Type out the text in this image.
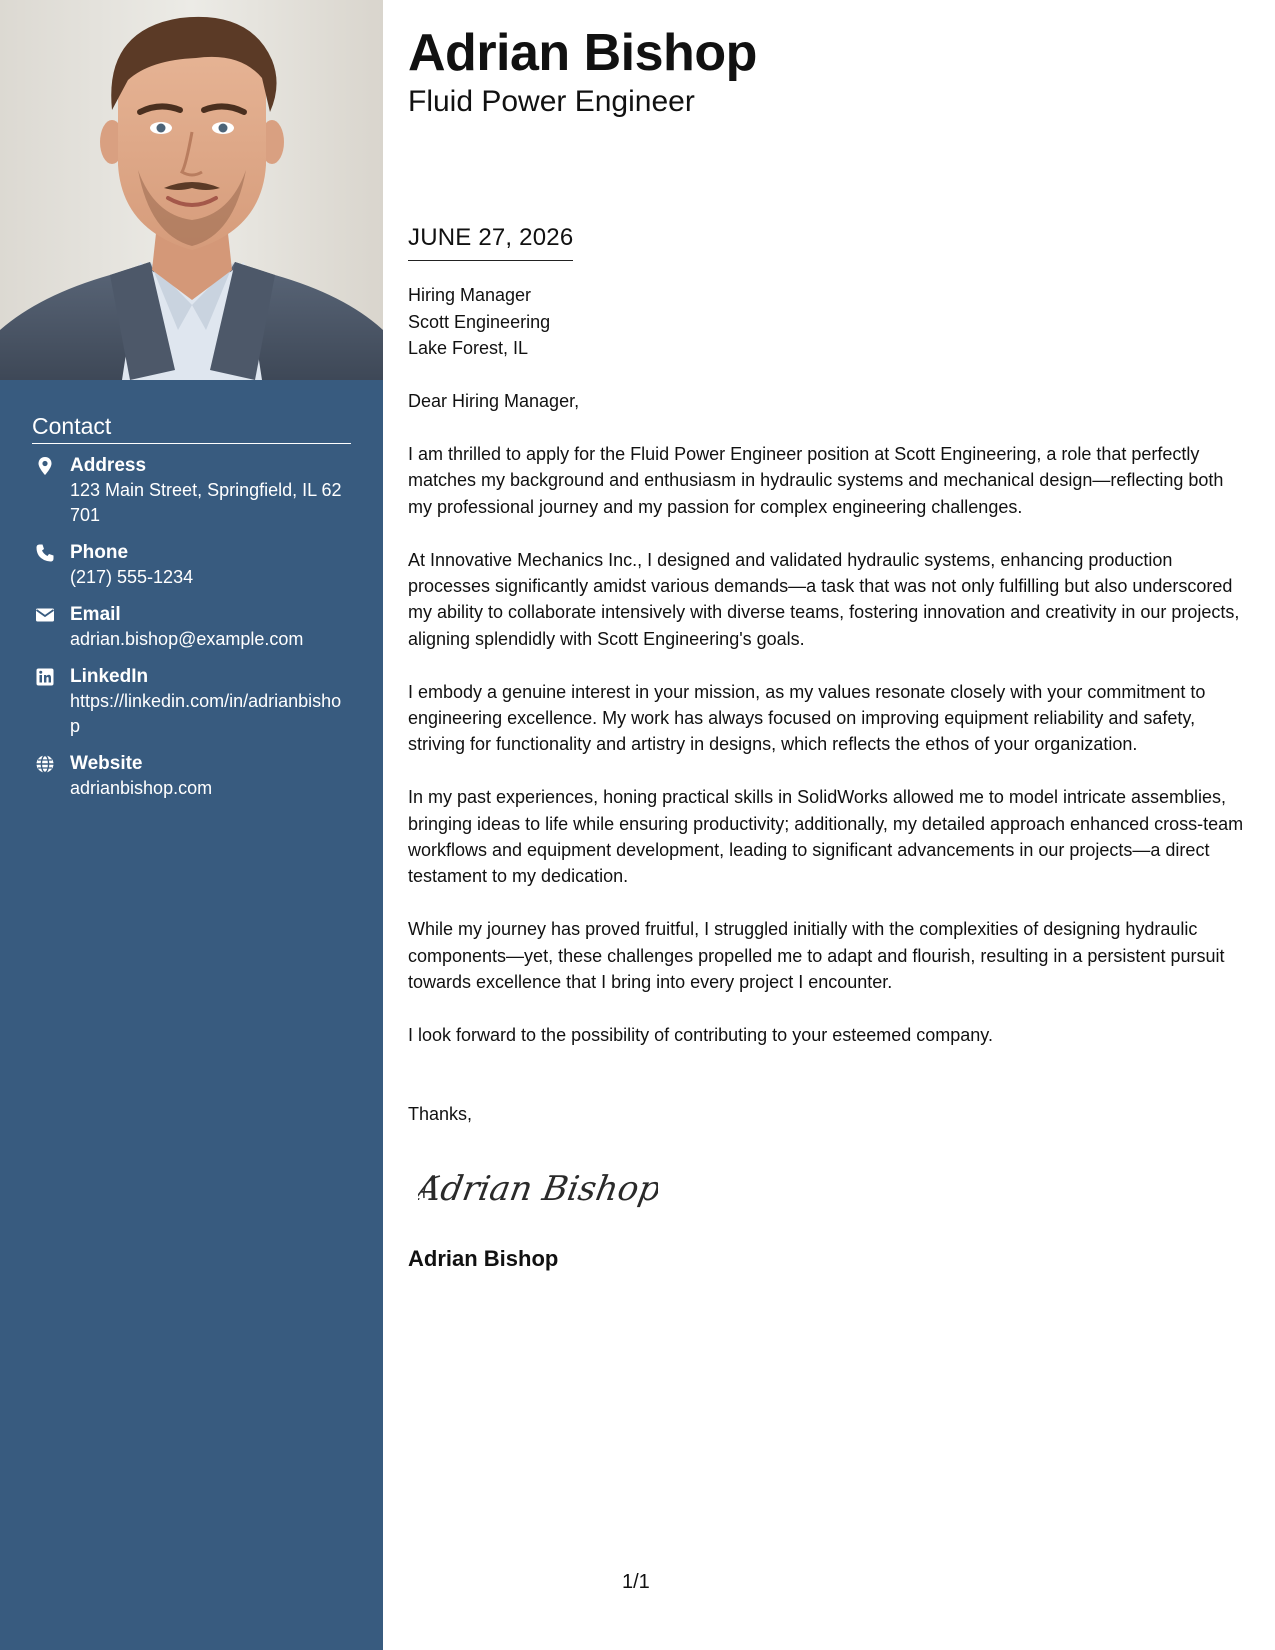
Contact
Address
123 Main Street, Springfield, IL 62701
Phone
(217) 555-1234
Email
adrian.bishop@example.com
LinkedIn
https://linkedin.com/in/adrianbishop
Website
adrianbishop.com
Adrian Bishop
Fluid Power Engineer
JUNE 27, 2026
Hiring Manager
Scott Engineering
Lake Forest, IL
Dear Hiring Manager,

I am thrilled to apply for the Fluid Power Engineer position at Scott Engineering, a role that perfectly matches my background and enthusiasm in hydraulic systems and mechanical design—reflecting both my professional journey and my passion for complex engineering challenges.

At Innovative Mechanics Inc., I designed and validated hydraulic systems, enhancing production processes significantly amidst various demands—a task that was not only fulfilling but also underscored my ability to collaborate intensively with diverse teams, fostering innovation and creativity in our projects, aligning splendidly with Scott Engineering's goals.

I embody a genuine interest in your mission, as my values resonate closely with your commitment to engineering excellence. My work has always focused on improving equipment reliability and safety, striving for functionality and artistry in designs, which reflects the ethos of your organization.

In my past experiences, honing practical skills in SolidWorks allowed me to model intricate assemblies, bringing ideas to life while ensuring productivity; additionally, my detailed approach enhanced cross-team workflows and equipment development, leading to significant advancements in our projects—a direct testament to my dedication.

While my journey has proved fruitful, I struggled initially with the complexities of designing hydraulic components—yet, these challenges propelled me to adapt and flourish, resulting in a persistent pursuit towards excellence that I bring into every project I encounter.

I look forward to the possibility of contributing to your esteemed company.

Thanks,
Adrian Bishop
Adrian Bishop
1/1
